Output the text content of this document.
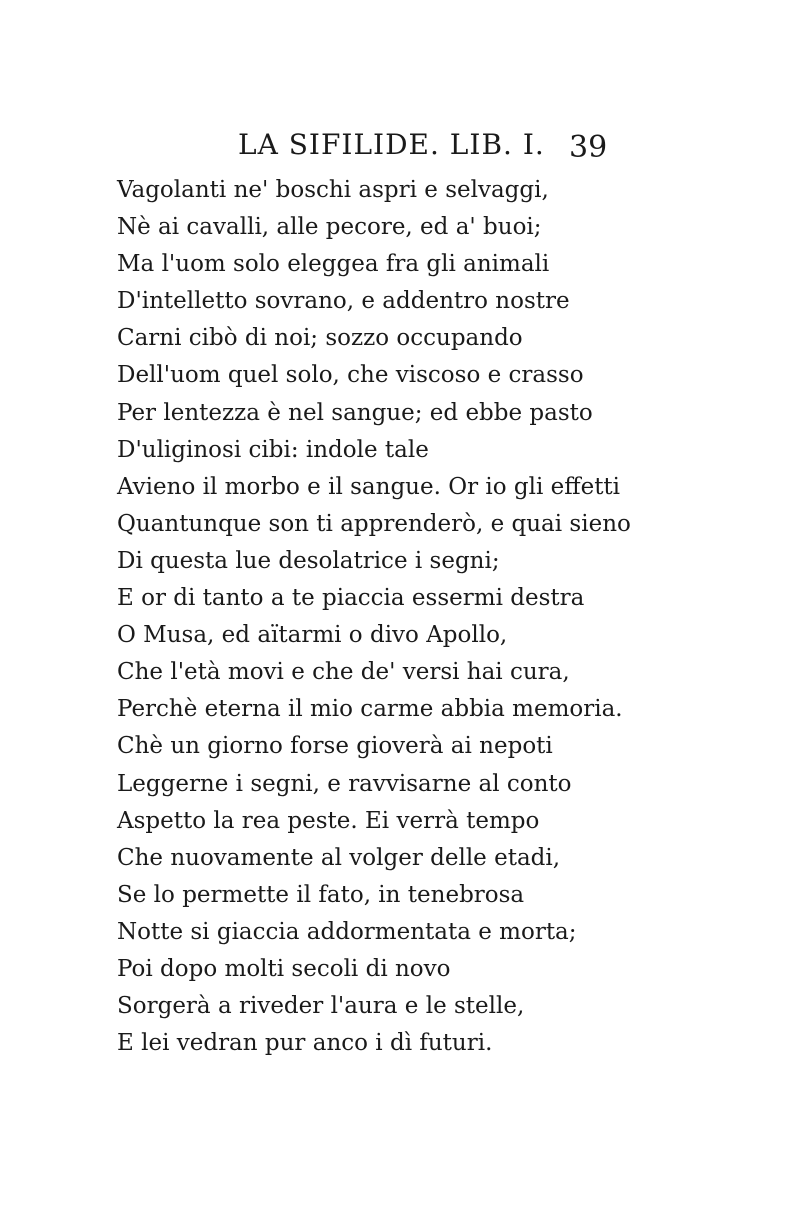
LA SIFILIDE. LIB. I. 39
Vagolanti ne' boschi aspri e selvaggi,
Nè ai cavalli, alle pecore, ed a' buoi;
Ma l'uom solo eleggea fra gli animali
D'intelletto sovrano, e addentro nostre
Carni cibò di noi; sozzo occupando
Dell'uom quel solo, che viscoso e crasso
Per lentezza è nel sangue; ed ebbe pasto
D'uliginosi cibi: indole tale
Avieno il morbo e il sangue. Or io gli effetti
Quantunque son ti apprenderò, e quai sieno
Di questa lue desolatrice i segni;
E or di tanto a te piaccia essermi destra
O Musa, ed aïtarmi o divo Apollo,
Che l'età movi e che de' versi hai cura,
Perchè eterna il mio carme abbia memoria.
Chè un giorno forse gioverà ai nepoti
Leggerne i segni, e ravvisarne al conto
Aspetto la rea peste. Ei verrà tempo
Che nuovamente al volger delle etadi,
Se lo permette il fato, in tenebrosa
Notte si giaccia addormentata e morta;
Poi dopo molti secoli di novo
Sorgerà a riveder l'aura e le stelle,
E lei vedran pur anco i dì futuri.
